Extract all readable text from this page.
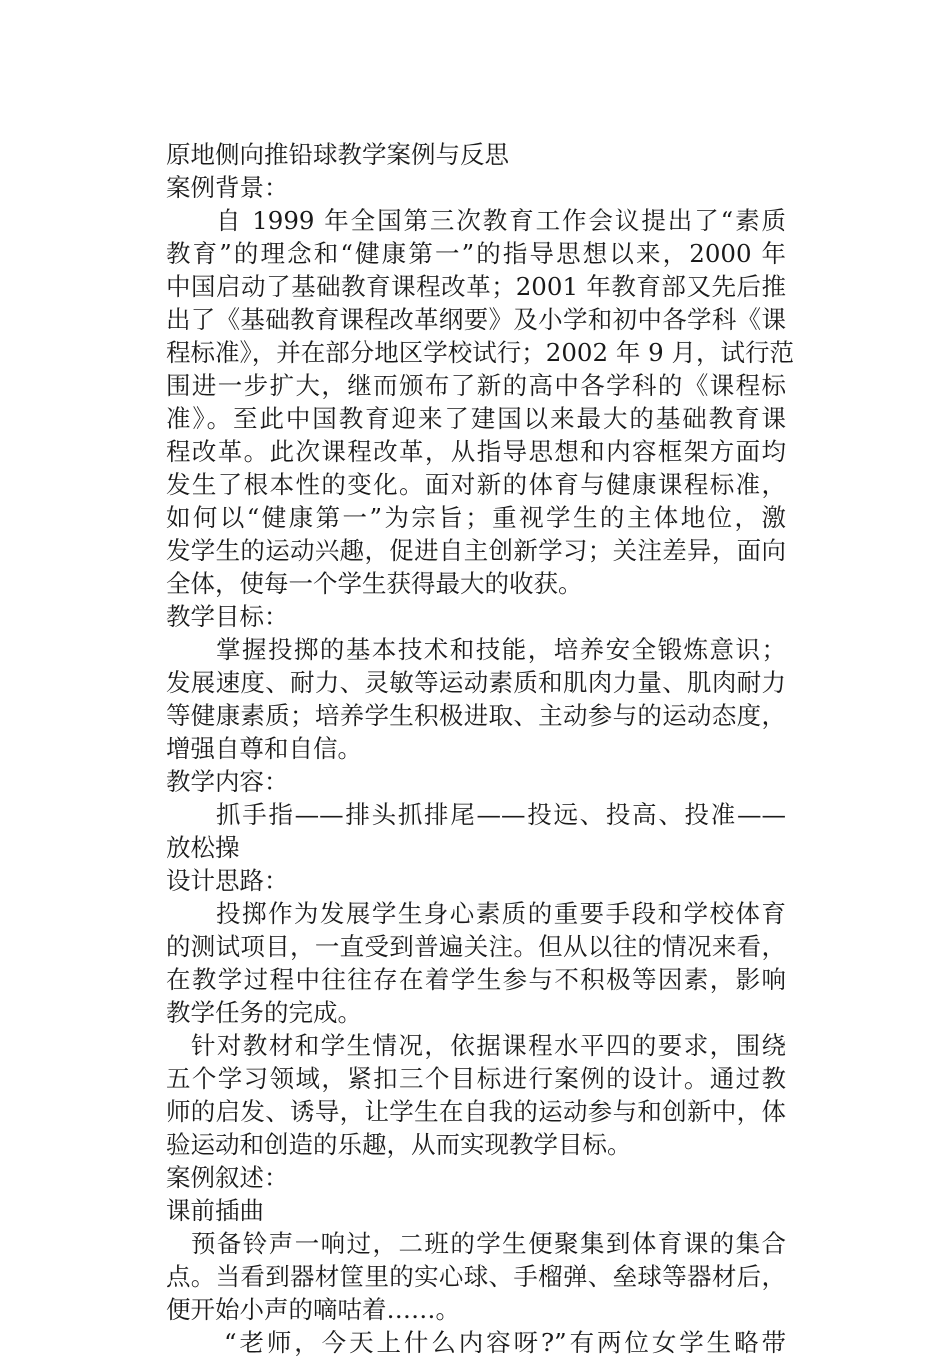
原地侧向推铅球教学案例与反思
案例背景：
自 1999 年全国第三次教育工作会议提出了“素质
教育”的理念和“健康第一”的指导思想以来，2000 年
中国启动了基础教育课程改革；2001 年教育部又先后推
出了《基础教育课程改革纲要》及小学和初中各学科《课
程标准》，并在部分地区学校试行；2002 年 9 月，试行范
围进一步扩大，继而颁布了新的高中各学科的《课程标
准》。至此中国教育迎来了建国以来最大的基础教育课
程改革。此次课程改革，从指导思想和内容框架方面均
发生了根本性的变化。面对新的体育与健康课程标准，
如何以“健康第一”为宗旨；重视学生的主体地位，激
发学生的运动兴趣，促进自主创新学习；关注差异，面向
全体，使每一个学生获得最大的收获。
教学目标：
掌握投掷的基本技术和技能，培养安全锻炼意识；
发展速度、耐力、灵敏等运动素质和肌肉力量、肌肉耐力
等健康素质；培养学生积极进取、主动参与的运动态度，
增强自尊和自信。
教学内容：
抓手指——排头抓排尾——投远、投高、投准——
放松操
设计思路：
投掷作为发展学生身心素质的重要手段和学校体育
的测试项目，一直受到普遍关注。但从以往的情况来看，
在教学过程中往往存在着学生参与不积极等因素，影响
教学任务的完成。
针对教材和学生情况，依据课程水平四的要求，围绕
五个学习领域，紧扣三个目标进行案例的设计。通过教
师的启发、诱导，让学生在自我的运动参与和创新中，体
验运动和创造的乐趣，从而实现教学目标。
案例叙述：
课前插曲
预备铃声一响过，二班的学生便聚集到体育课的集合
点。当看到器材筐里的实心球、手榴弹、垒球等器材后，
便开始小声的嘀咕着……。
“老师，今天上什么内容呀?”有两位女学生略带
